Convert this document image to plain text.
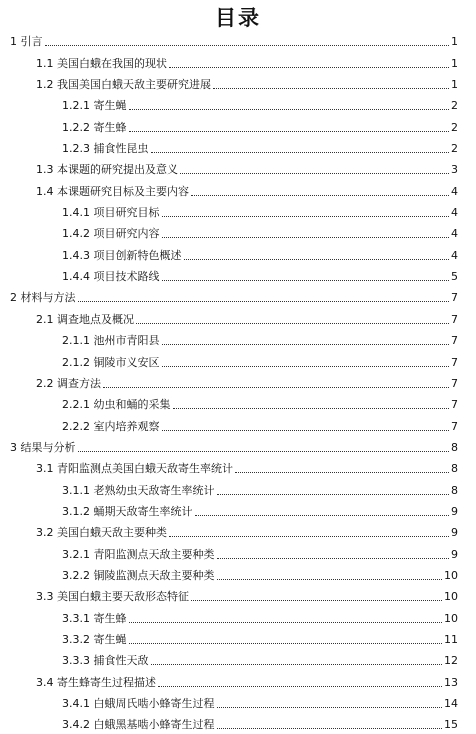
目录
1 引言	1
1.1 美国白蛾在我国的现状	1
1.2 我国美国白蛾天敌主要研究进展	1
1.2.1 寄生蝇	2
1.2.2 寄生蜂	2
1.2.3 捕食性昆虫	2
1.3 本课题的研究提出及意义	3
1.4 本课题研究目标及主要内容	4
1.4.1 项目研究目标	4
1.4.2 项目研究内容	4
1.4.3 项目创新特色概述	4
1.4.4 项目技术路线	5
2 材料与方法	7
2.1 调查地点及概况	7
2.1.1 池州市青阳县	7
2.1.2 铜陵市义安区	7
2.2 调查方法	7
2.2.1 幼虫和蛹的采集	7
2.2.2 室内培养观察	7
3 结果与分析	8
3.1 青阳监测点美国白蛾天敌寄生率统计	8
3.1.1 老熟幼虫天敌寄生率统计	8
3.1.2 蛹期天敌寄生率统计	9
3.2 美国白蛾天敌主要种类	9
3.2.1 青阳监测点天敌主要种类	9
3.2.2 铜陵监测点天敌主要种类	10
3.3 美国白蛾主要天敌形态特征	10
3.3.1 寄生蜂	10
3.3.2 寄生蝇	11
3.3.3 捕食性天敌	12
3.4 寄生蜂寄生过程描述	13
3.4.1 白蛾周氏啮小蜂寄生过程	14
3.4.2 白蛾黑基啮小蜂寄生过程	15
